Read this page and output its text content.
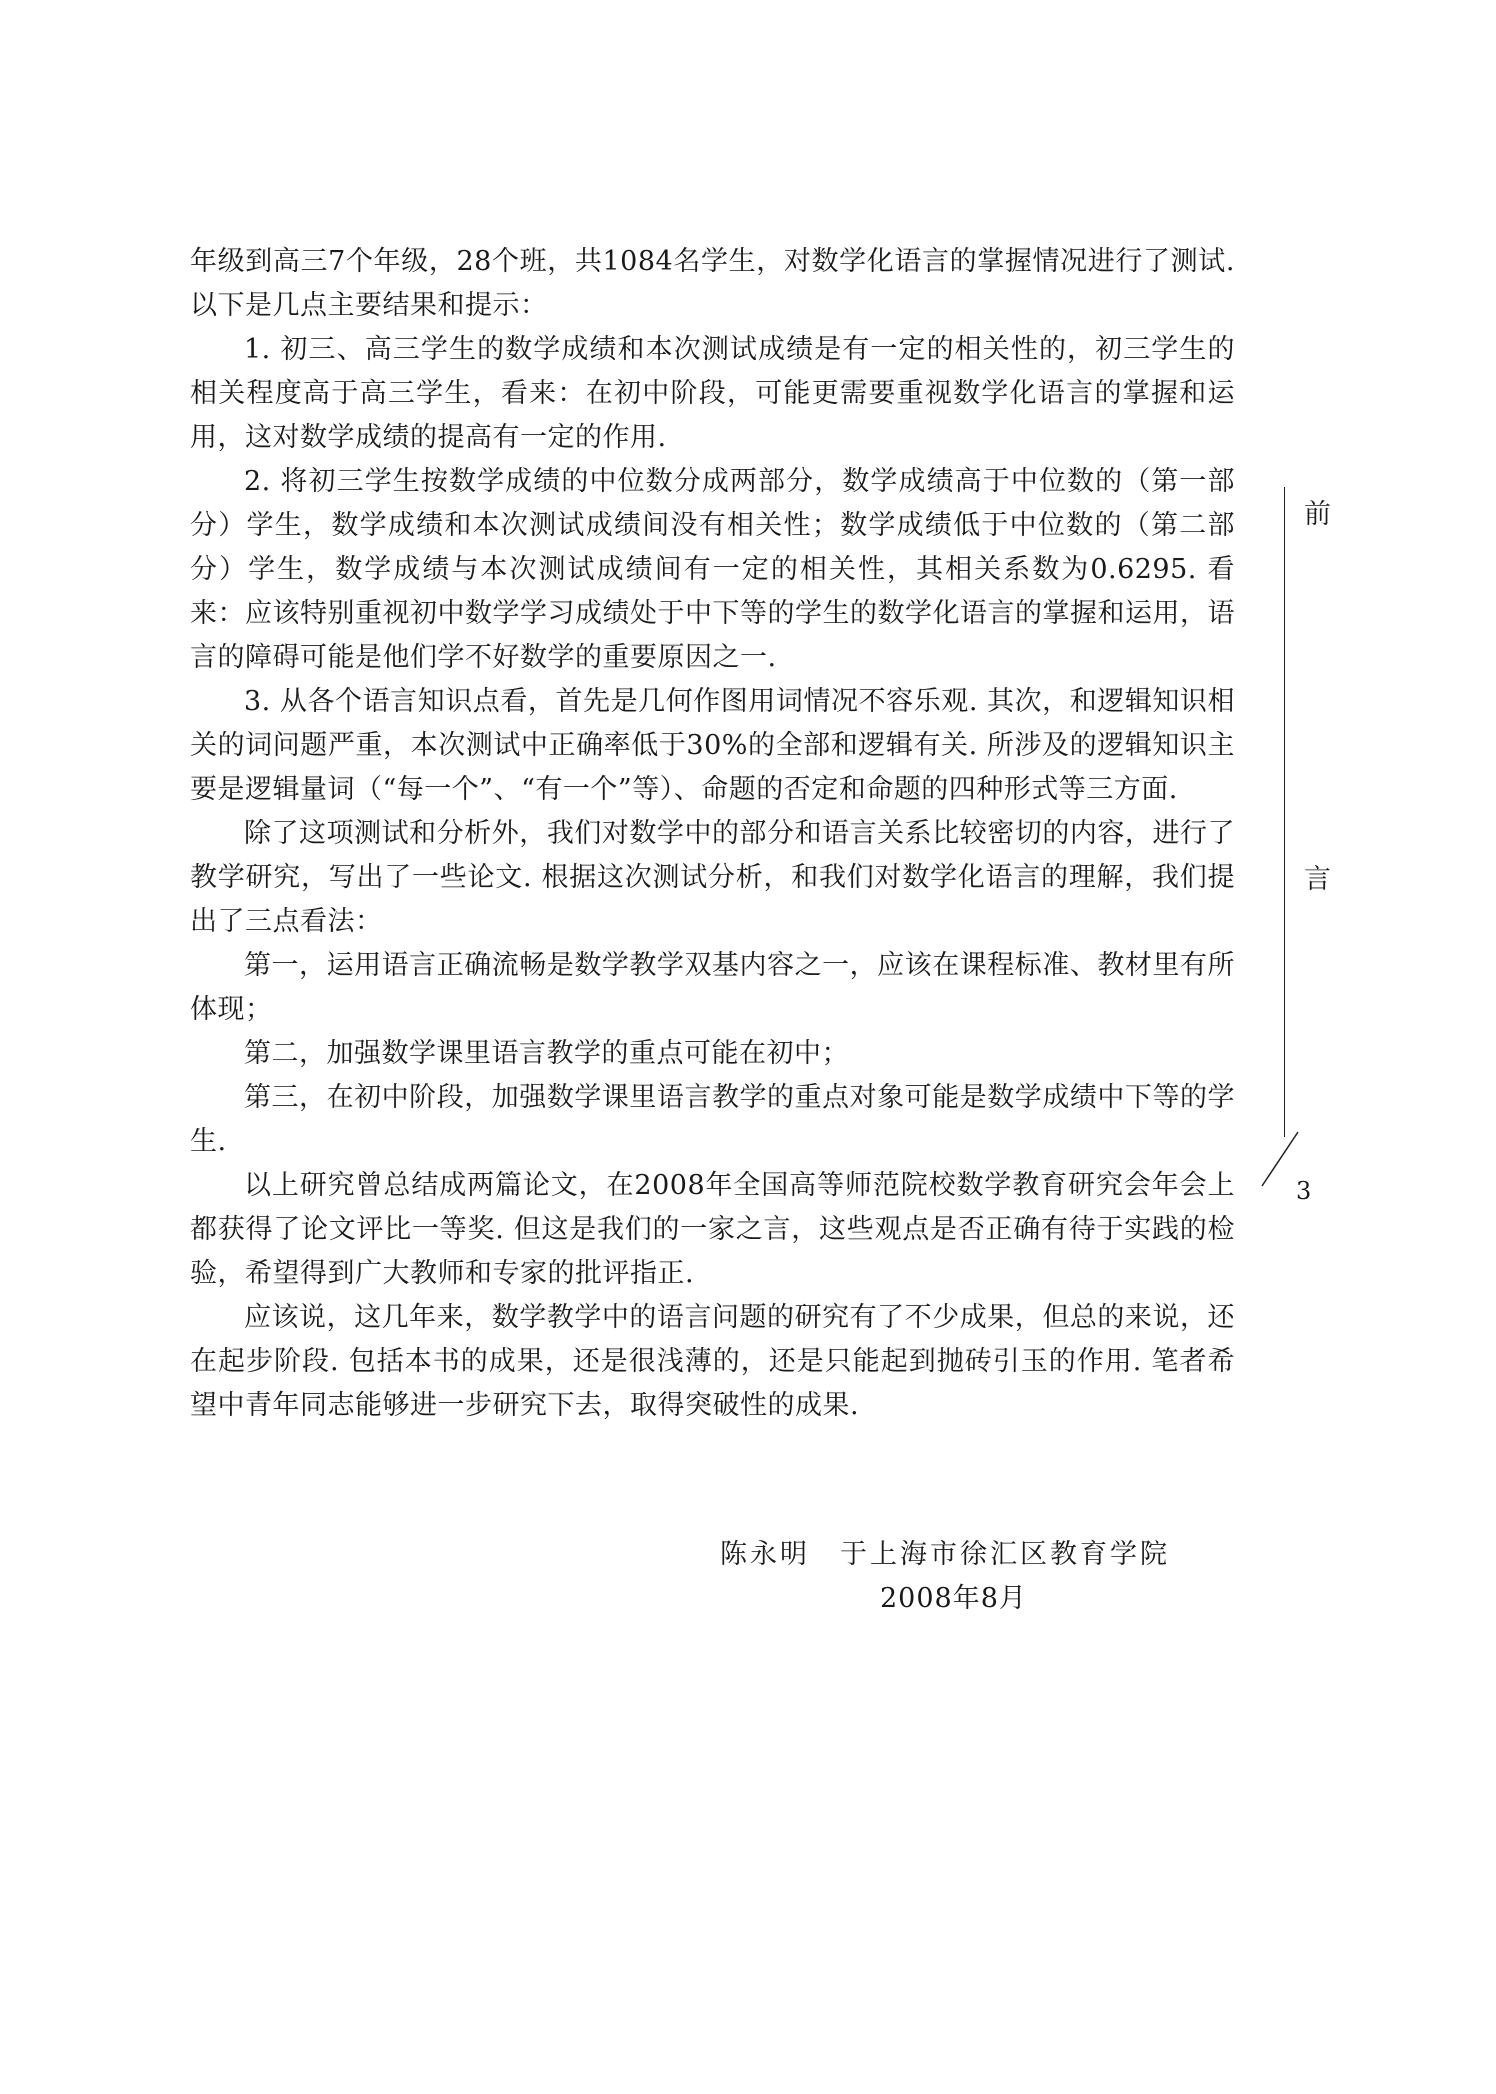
年级到高三7个年级，28个班，共1084名学生，对数学化语言的掌握情况进行了测试. 以下是几点主要结果和提示：

1. 初三、高三学生的数学成绩和本次测试成绩是有一定的相关性的，初三学生的相关程度高于高三学生，看来：在初中阶段，可能更需要重视数学化语言的掌握和运用，这对数学成绩的提高有一定的作用.

2. 将初三学生按数学成绩的中位数分成两部分，数学成绩高于中位数的（第一部分）学生，数学成绩和本次测试成绩间没有相关性；数学成绩低于中位数的（第二部分）学生，数学成绩与本次测试成绩间有一定的相关性，其相关系数为0.6295. 看来：应该特别重视初中数学学习成绩处于中下等的学生的数学化语言的掌握和运用，语言的障碍可能是他们学不好数学的重要原因之一.

3. 从各个语言知识点看，首先是几何作图用词情况不容乐观. 其次，和逻辑知识相关的词问题严重，本次测试中正确率低于30%的全部和逻辑有关. 所涉及的逻辑知识主要是逻辑量词（“每一个”、“有一个”等）、命题的否定和命题的四种形式等三方面.

除了这项测试和分析外，我们对数学中的部分和语言关系比较密切的内容，进行了教学研究，写出了一些论文. 根据这次测试分析，和我们对数学化语言的理解，我们提出了三点看法：

第一，运用语言正确流畅是数学教学双基内容之一，应该在课程标准、教材里有所体现；

第二，加强数学课里语言教学的重点可能在初中；

第三，在初中阶段，加强数学课里语言教学的重点对象可能是数学成绩中下等的学生.

以上研究曾总结成两篇论文，在2008年全国高等师范院校数学教育研究会年会上都获得了论文评比一等奖. 但这是我们的一家之言，这些观点是否正确有待于实践的检验，希望得到广大教师和专家的批评指正.

应该说，这几年来，数学教学中的语言问题的研究有了不少成果，但总的来说，还在起步阶段. 包括本书的成果，还是很浅薄的，还是只能起到抛砖引玉的作用. 笔者希望中青年同志能够进一步研究下去，取得突破性的成果.

陈永明　于上海市徐汇区教育学院
2008年8月
前
言
3
